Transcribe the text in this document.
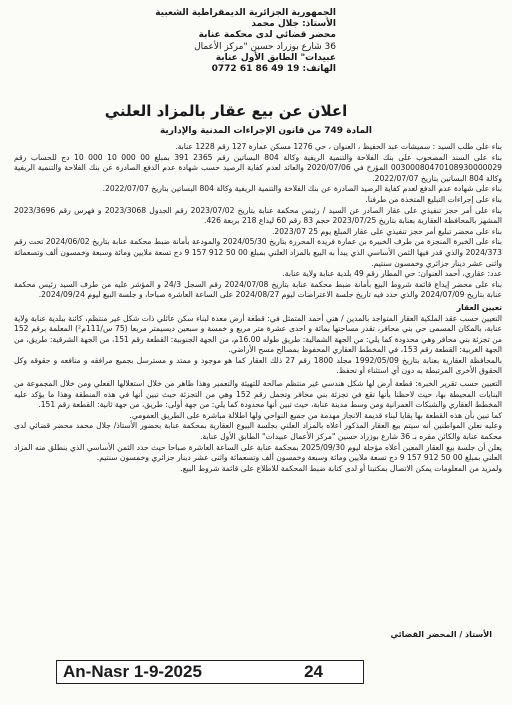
الجمهورية الجزائرية الديمقراطية الشعبية
الأستاذ: جلال محمد
محضر قضائي لدى محكمة عنابة
36 شارع بوزراد حسين "مركز الأعمال
عبيدات" الطابق الأول عنابة
الهاتف: 19 49 86 61 0772
اعلان عن بيع عقار بالمزاد العلني
المادة 749 من قانون الإجراءات المدنية والإدارية

بناء على طلب السيد : سميشات عبد الحفيظ ، العنوان ، حي 1276 مسكن عمارة 127 رقم 1228 عنابة.

بناء على السند المصحوب على بنك الفلاحة والتنمية الريفية وكالة 804 البساتين رقم 2365 391 بمبلغ 00 000 10 000 10 دج للحساب رقم 00300080470108930000029 المؤرخ في 2020/07/06 والعائد لعدم كفاية الرصيد حسب شهادة عدم الدفع الصادرة عن بنك الفلاحة والتنمية الريفية وكالة 804 البساتين بتاريخ 2022/07/07.

بناء على شهادة عدم الدفع لعدم كفاية الرصيد الصادرة عن بنك الفلاحة والتنمية الريفية وكالة 804 البساتين بتاريخ 2022/07/07.

بناء على إجراءات التبليغ المتخذة من طرفنا.

بناء على أمر حجز تنفيذي على عقار الصادر عن السيد / رئيس محكمة عنابة بتاريخ 2023/07/02 رقم الجدول 2023/3068 و فهرس رقم 2023/3696 المشهر بالمحافظة العقارية بعنابة بتاريخ 2023/07/25 حجم 83 رقم 60 ليداع 218 بربعة 426.

بناء على محضر تبليغ أمر حجز تنفيذي على عقار المبلغ يوم 25 2023/07.

بناء على الخبرة المنجزة من طرف الخبيرة بن عمارة فريدة المحررة بتاريخ 2024/05/30 والمودعة بأمانة ضبط محكمة عنابة بتاريخ 2024/06/02 تحت رقم 2024/373 والذي قدر فيها الثمن الأساسي الذي يبدأ به البيع بالمزاد العلني بمبلغ 00 50 912 157 9 دج تسعة ملايين ومائة وسبعة وخمسون ألف وتسعمائة واثنى عشر دينار جزائري وخمسون سنتيم.

عدد: عقاري، أحمد العنوان: حي المطار رقم 49 بلدية عنابة ولاية عنابة.

بناء على محضر إيداع قائمة شروط البيع بأمانة ضبط محكمة عنابة بتاريخ 2024/07/08 رقم السجل 24/3 و المؤشر عليه من طرف السيد رئيس محكمة عنابة بتاريخ 2024/07/09 والذي حدد فيه تاريخ جلسة الاعتراضات ليوم 2024/08/27 على الساعة العاشرة صباحا، و جلسة البيع ليوم 2024/09/24.

تعيين العقار

التعيين حسب عقد الملكية العقار المتواجد بالمدين / هني أحمد المتمثل في: قطعة أرض معدة لبناء سكن عائلي ذات شكل غير منتظم، كائنة ببلدية عنابة ولاية عنابة، بالمكان المسمى حي بني محافر، تقدر مساحتها بمائة و احدى عشرة متر مربع و خمسة و سبعين ديسيمتر مربعا (75 س/111م²) المعلمة برقم 152 من تجزئة بني محافر وهي محدودة كما يلي: من الجهة الشمالية: طريق طوله 16.00م، من الجهة الجنوبية: القطعة رقم 151، من الجهة الشرقية: طريق، من الجهة الغربية: القطعة رقم 153، في المخطط العقاري المحفوظ بمصالح مسح الأراضي.

بالمحافظة العقارية بعنابة بتاريخ 1992/05/09 مجلد 1800 رقم 27 ذلك العقار كما هو موجود و ممتد و مسترسل بجميع مرافقه و منافعه و حقوقه وكل الحقوق الأخرى المرتبطة به دون أي استثناء أو تحفظ.

التعيين حسب تقرير الخبرة: قطعة أرض لها شكل هندسي غير منتظم صالحة للتهيئة والتعمير وهذا ظاهر من خلال استغلالها الفعلي ومن خلال المجموعة من البنايات المحيطة بها، حيث لاحظنا بأنها تقع في تجزئة بني محافر وتحمل رقم 152 وهي من التجزئة حيث تبين أنها في هذه المنطقة وهذا ما يؤكد عليه المخطط العقاري والشبكات العمرانية ومن وسط مدينة عنابة، حيث تبين أنها محدودة كما يلي: من جهة أولى: طريق، من جهة ثانية: القطعة رقم 151.

كما تبين بأن هذه القطعة بها بقايا لبناء قديمة الانجاز مهدمة من جميع النواحي ولها اطلالة مباشرة على الطريق العمومي.

وعليه نعلن المواطنين أنه سيتم بيع العقار المذكور أعلاه بالمزاد العلني بجلسة البيوع العقارية بمحكمة عنابة بحضور الأستاذ/ جلال محمد محضر قضائي لدى محكمة عنابة والكائن مقره بـ 36 شارع بوزراد حسين "مركز الأعمال عبيدات" الطابق الأول عنابة.

يعلن أن جلسة بيع العقار المعين أعلاه مؤجلة ليوم 2025/09/30 بمحكمة عنابة على الساعة العاشرة صباحا حيث حدد الثمن الأساسي الذي ينطلق منه المزاد العلني بمبلغ 00 50 912 157 9 دج تسعة ملايين ومائة وسبعة وخمسون ألف وتسعمائة واثنى عشر دينار جزائري وخمسون سنتيم.

ولمزيد من المعلومات يمكن الاتصال بمكتبنا أو لدى كتابة ضبط المحكمة للاطلاع على قائمة شروط البيع.

الأستاذ / المحضر القضائي
An-Nasr 1-9-2025	24
